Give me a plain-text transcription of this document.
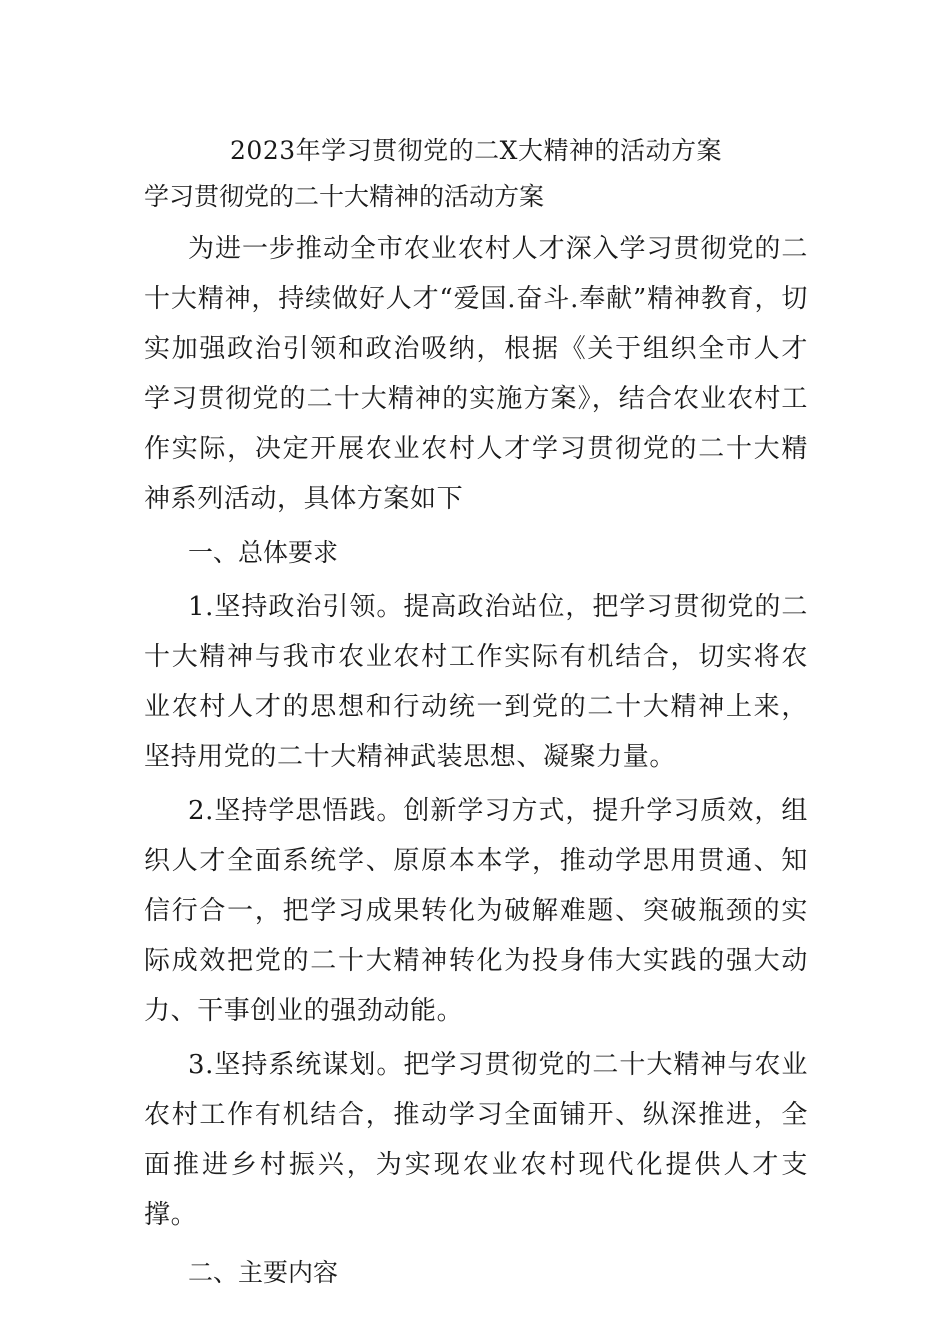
2023年学习贯彻党的二X大精神的活动方案
学习贯彻党的二十大精神的活动方案

为进一步推动全市农业农村人才深入学习贯彻党的二十大精神，持续做好人才“爱国.奋斗.奉献”精神教育，切实加强政治引领和政治吸纳，根据《关于组织全市人才学习贯彻党的二十大精神的实施方案》，结合农业农村工作实际，决定开展农业农村人才学习贯彻党的二十大精神系列活动，具体方案如下

一、总体要求

1.坚持政治引领。提高政治站位，把学习贯彻党的二十大精神与我市农业农村工作实际有机结合，切实将农业农村人才的思想和行动统一到党的二十大精神上来，坚持用党的二十大精神武装思想、凝聚力量。

2.坚持学思悟践。创新学习方式，提升学习质效，组织人才全面系统学、原原本本学，推动学思用贯通、知信行合一，把学习成果转化为破解难题、突破瓶颈的实际成效把党的二十大精神转化为投身伟大实践的强大动力、干事创业的强劲动能。

3.坚持系统谋划。把学习贯彻党的二十大精神与农业农村工作有机结合，推动学习全面铺开、纵深推进，全面推进乡村振兴，为实现农业农村现代化提供人才支撑。

二、主要内容
